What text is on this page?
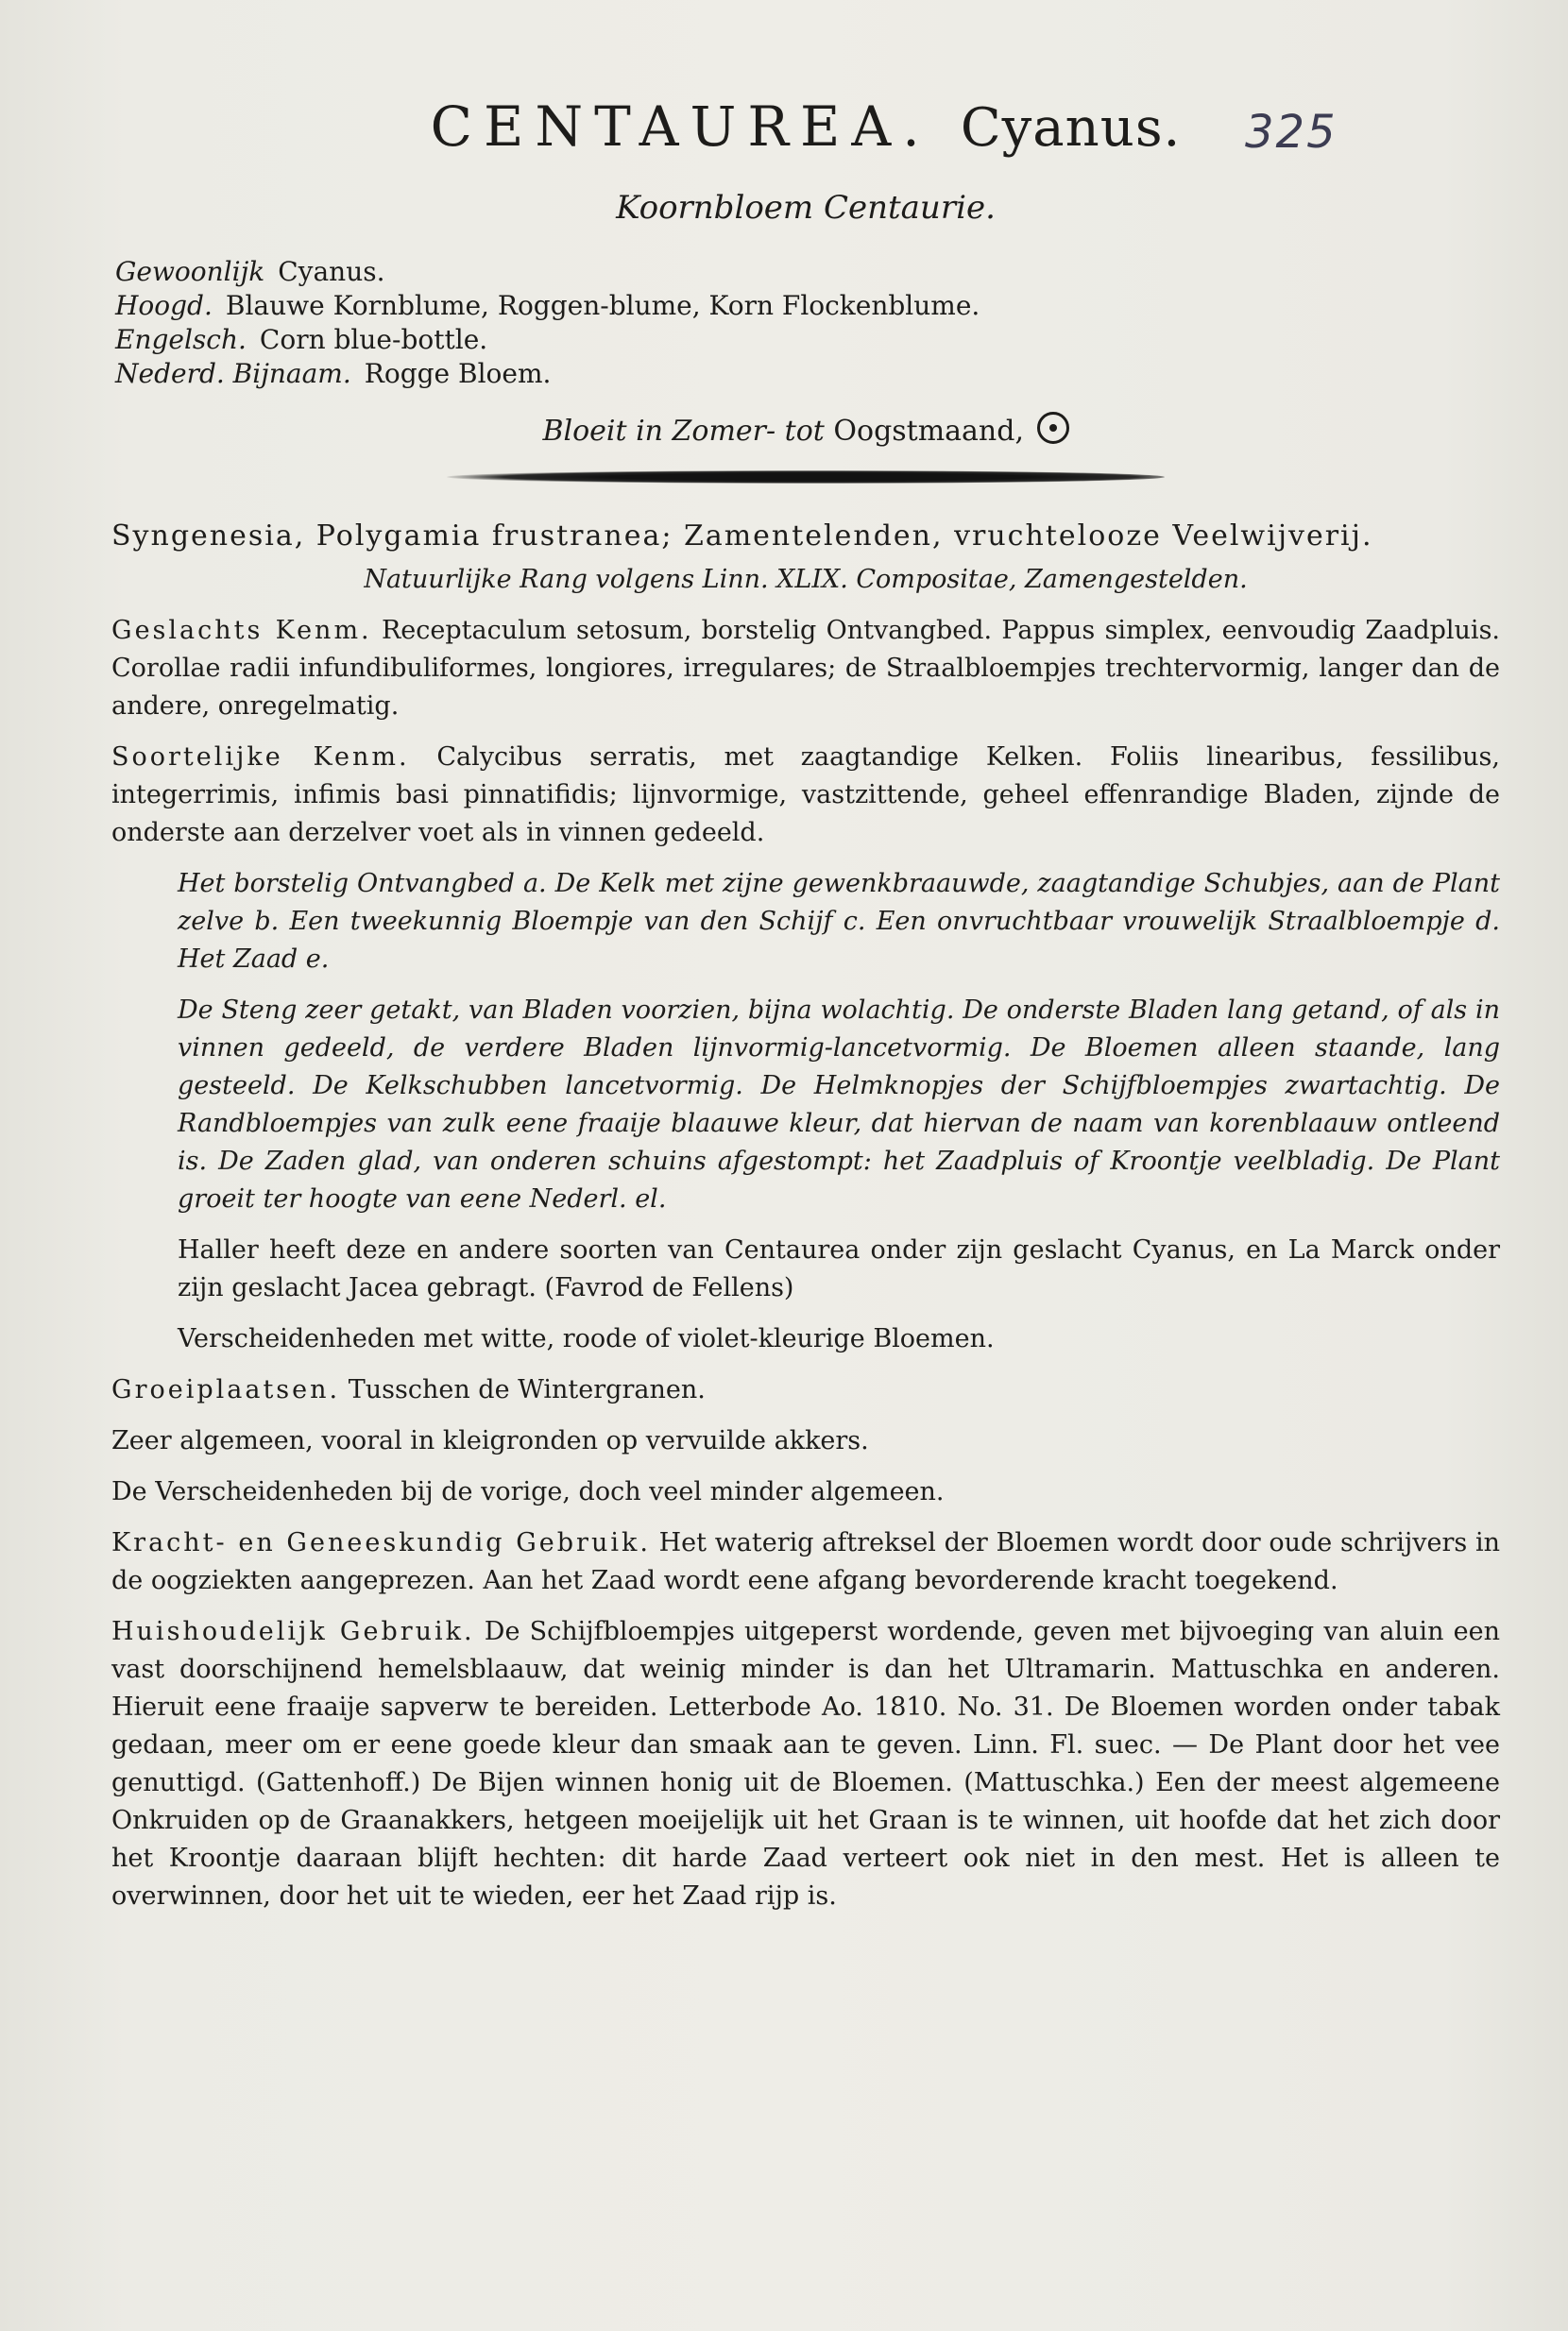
CENTAUREA. Cyanus. 325
Koornbloem Centaurie.

Gewoonlijk Cyanus.

Hoogd. Blauwe Kornblume, Roggen-blume, Korn Flockenblume.

Engelsch. Corn blue-bottle.

Nederd. Bijnaam. Rogge Bloem.

Bloeit in Zomer- tot Oogstmaand,

Syngenesia, Polygamia frustranea; Zamentelenden, vruchtelooze Veelwijverij.

Natuurlijke Rang volgens Linn. XLIX. Compositae, Zamengestelden.

Geslachts Kenm. Receptaculum setosum, borstelig Ontvangbed. Pappus simplex, eenvoudig Zaadpluis. Corollae radii infundibuliformes, longiores, irregulares; de Straalbloempjes trechtervormig, langer dan de andere, onregelmatig.

Soortelijke Kenm. Calycibus serratis, met zaagtandige Kelken. Foliis linearibus, fessilibus, integerrimis, infimis basi pinnatifidis; lijnvormige, vastzittende, geheel effenrandige Bladen, zijnde de onderste aan derzelver voet als in vinnen gedeeld.

Het borstelig Ontvangbed a. De Kelk met zijne gewenkbraauwde, zaagtandige Schubjes, aan de Plant zelve b. Een tweekunnig Bloempje van den Schijf c. Een onvruchtbaar vrouwelijk Straalbloempje d. Het Zaad e.

De Steng zeer getakt, van Bladen voorzien, bijna wolachtig. De onderste Bladen lang getand, of als in vinnen gedeeld, de verdere Bladen lijnvormig-lancetvormig. De Bloemen alleen staande, lang gesteeld. De Kelkschubben lancetvormig. De Helmknopjes der Schijfbloempjes zwartachtig. De Randbloempjes van zulk eene fraaije blaauwe kleur, dat hiervan de naam van korenblaauw ontleend is. De Zaden glad, van onderen schuins afgestompt: het Zaadpluis of Kroontje veelbladig. De Plant groeit ter hoogte van eene Nederl. el.

Haller heeft deze en andere soorten van Centaurea onder zijn geslacht Cyanus, en La Marck onder zijn geslacht Jacea gebragt. (Favrod de Fellens)

Verscheidenheden met witte, roode of violet-kleurige Bloemen.

Groeiplaatsen. Tusschen de Wintergranen.

Zeer algemeen, vooral in kleigronden op vervuilde akkers.

De Verscheidenheden bij de vorige, doch veel minder algemeen.

Kracht- en Geneeskundig Gebruik. Het waterig aftreksel der Bloemen wordt door oude schrijvers in de oogziekten aangeprezen. Aan het Zaad wordt eene afgang bevorderende kracht toegekend.

Huishoudelijk Gebruik. De Schijfbloempjes uitgeperst wordende, geven met bijvoeging van aluin een vast doorschijnend hemelsblaauw, dat weinig minder is dan het Ultramarin. Mattuschka en anderen. Hieruit eene fraaije sapverw te bereiden. Letterbode Ao. 1810. No. 31. De Bloemen worden onder tabak gedaan, meer om er eene goede kleur dan smaak aan te geven. Linn. Fl. suec. — De Plant door het vee genuttigd. (Gattenhoff.) De Bijen winnen honig uit de Bloemen. (Mattuschka.) Een der meest algemeene Onkruiden op de Graanakkers, hetgeen moeijelijk uit het Graan is te winnen, uit hoofde dat het zich door het Kroontje daaraan blijft hechten: dit harde Zaad verteert ook niet in den mest. Het is alleen te overwinnen, door het uit te wieden, eer het Zaad rijp is.
